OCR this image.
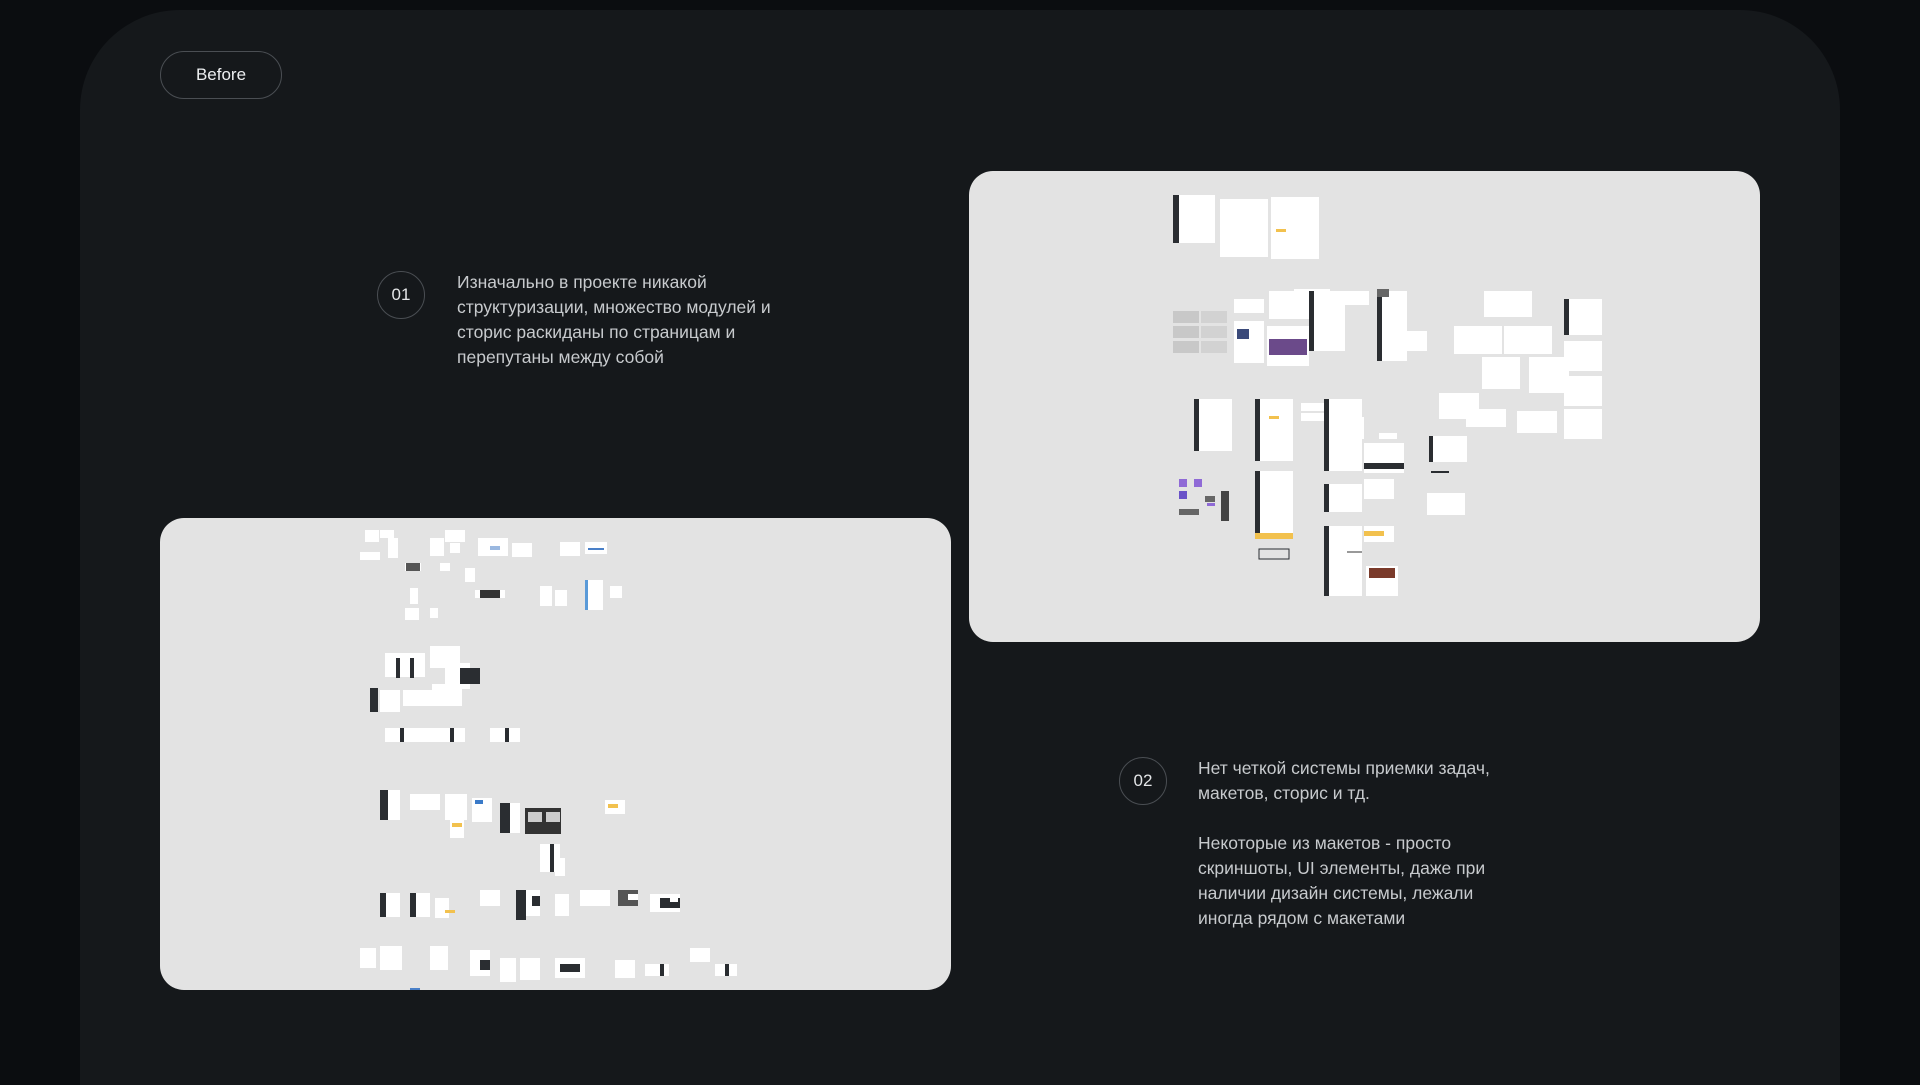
Before
01

Изначально в проекте никакой
структуризации, множество модулей и
сторис раскиданы по страницам и
перепутаны между собой

02

Нет четкой системы приемки задач,
макетов, сторис и тд.

Некоторые из макетов - просто
скриншоты, UI элементы, даже при
наличии дизайн системы, лежали
иногда рядом с макетами
